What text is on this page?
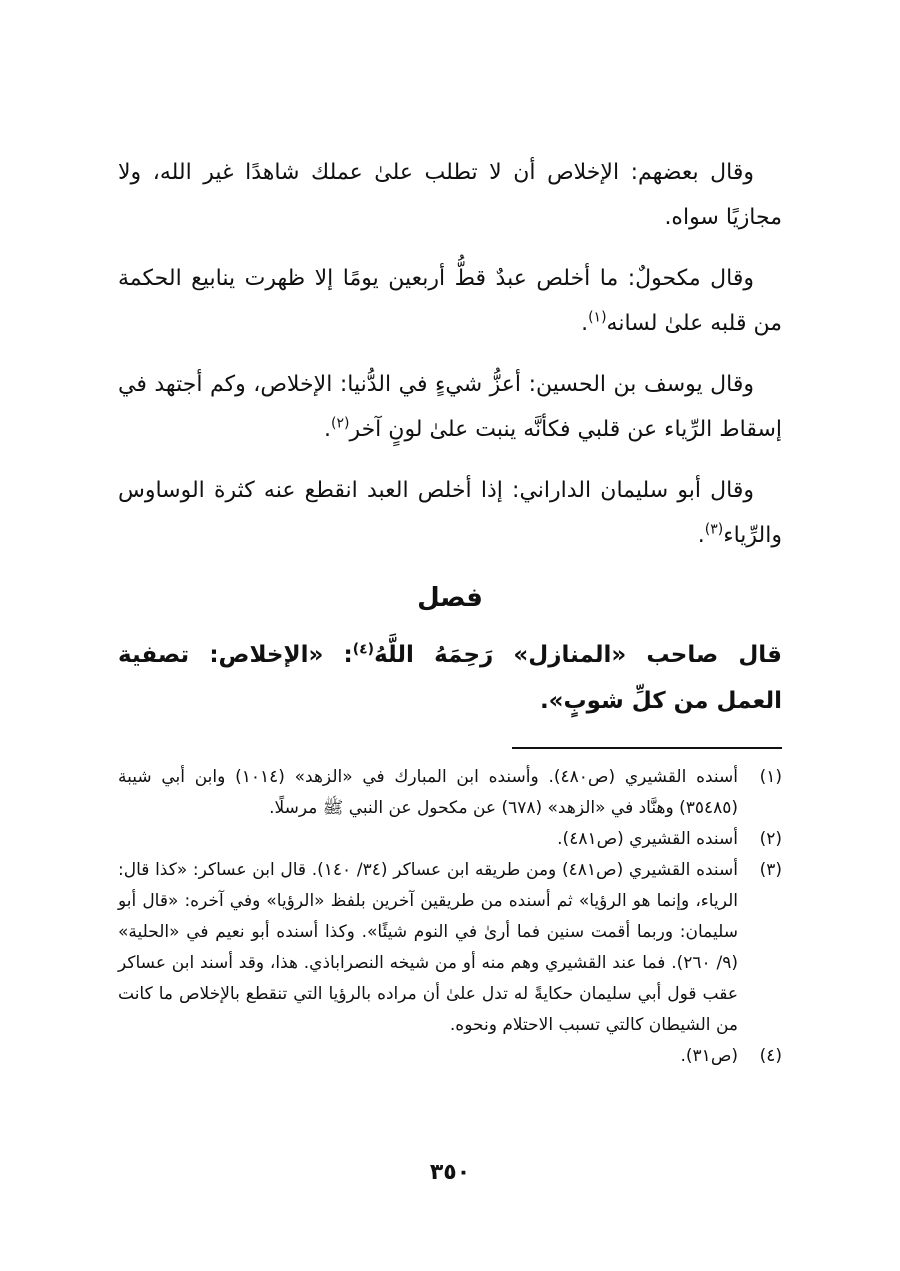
وقال بعضهم: الإخلاص أن لا تطلب علىٰ عملك شاهدًا غير الله، ولا مجازيًا سواه.

وقال مكحولٌ: ما أخلص عبدٌ قطُّ أربعين يومًا إلا ظهرت ينابيع الحكمة من قلبه علىٰ لسانه$^{(١)}$.

وقال يوسف بن الحسين: أعزُّ شيءٍ في الدُّنيا: الإخلاص، وكم أجتهد في إسقاط الرِّياء عن قلبي فكأنَّه ينبت علىٰ لونٍ آخر$^{(٢)}$.

وقال أبو سليمان الداراني: إذا أخلص العبد انقطع عنه كثرة الوساوس والرِّياء$^{(٣)}$.

فصل

قال صاحب «المنازل» رَحِمَهُ اللَّهُ$^{(٤)}$: «الإخلاص: تصفية العمل من كلِّ شوبٍ».

(١)
أسنده القشيري (ص٤٨٠). وأسنده ابن المبارك في «الزهد» (١٠١٤) وابن أبي شيبة (٣٥٤٨٥) وهنَّاد في «الزهد» (٦٧٨) عن مكحول عن النبي ﷺ مرسلًا.
(٢)
أسنده القشيري (ص٤٨١).
(٣)
أسنده القشيري (ص٤٨١) ومن طريقه ابن عساكر (٣٤/ ١٤٠). قال ابن عساكر: «كذا قال: الرياء، وإنما هو الرؤيا» ثم أسنده من طريقين آخرين بلفظ «الرؤيا» وفي آخره: «قال أبو سليمان: وربما أقمت سنين فما أرىٰ في النوم شيئًا». وكذا أسنده أبو نعيم في «الحلية» (٩/ ٢٦٠). فما عند القشيري وهم منه أو من شيخه النصراباذي. هذا، وقد أسند ابن عساكر عقب قول أبي سليمان حكايةً له تدل علىٰ أن مراده بالرؤيا التي تنقطع بالإخلاص ما كانت من الشيطان كالتي تسبب الاحتلام ونحوه.
(٤)
(ص٣١).
٣٥٠
